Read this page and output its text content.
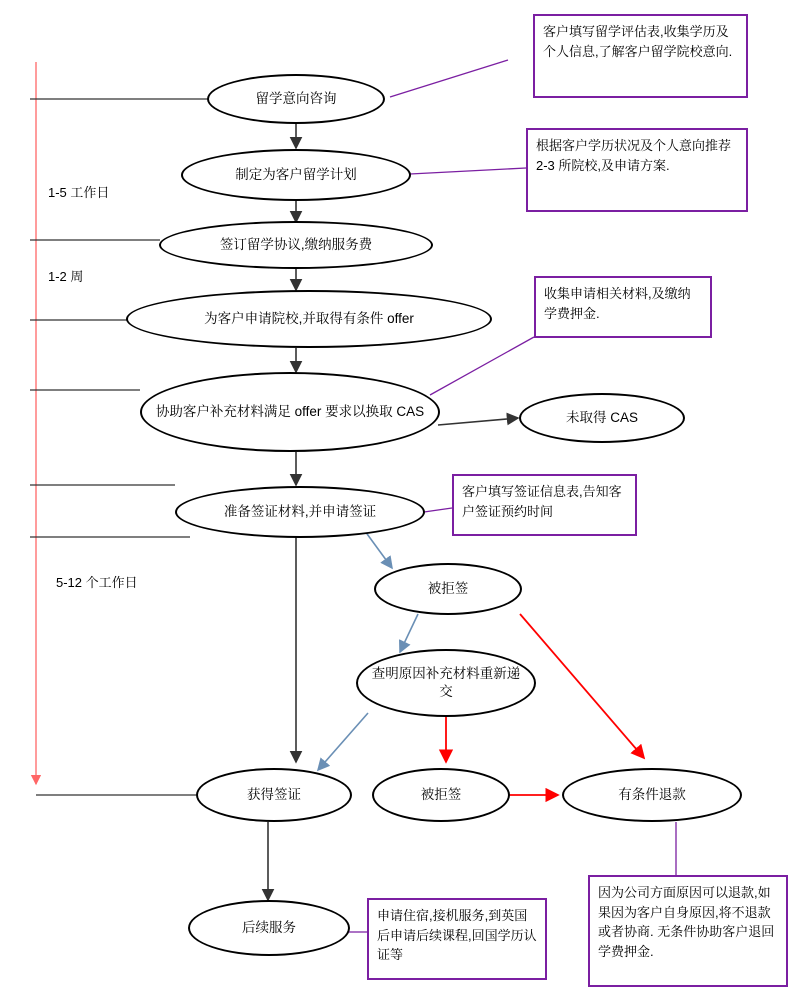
1-5 工作日
1-2 周
5-12 个工作日
留学意向咨询
制定为客户留学计划
签订留学协议,缴纳服务费
为客户申请院校,并取得有条件 offer
协助客户补充材料满足 offer 要求以换取 CAS	未取得 CAS
准备签证材料,并申请签证
被拒签
查明原因补充材料重新递交
获得签证	被拒签	有条件退款
后续服务
客户填写留学评估表,收集学历及个人信息,了解客户留学院校意向.
根据客户学历状况及个人意向推荐 2-3 所院校,及申请方案.
收集申请相关材料,及缴纳学费押金.
客户填写签证信息表,告知客户签证预约时间
申请住宿,接机服务,到英国后申请后续课程,回国学历认证等
因为公司方面原因可以退款,如果因为客户自身原因,将不退款或者协商. 无条件协助客户退回学费押金.
